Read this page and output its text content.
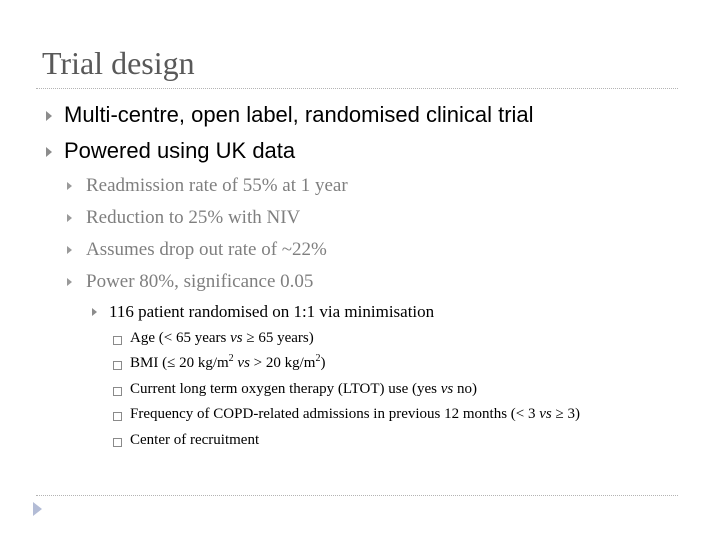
Trial design
Multi-centre, open label, randomised clinical trial
Powered using UK data
Readmission rate of 55% at 1 year
Reduction to 25% with NIV
Assumes drop out rate of ~22%
Power 80%, significance 0.05
116 patient randomised on 1:1 via minimisation
Age (< 65 years vs ≥ 65 years)
BMI (≤ 20 $kg/m^2$ vs > 20 $kg/m^2$)
Current long term oxygen therapy (LTOT) use (yes vs no)
Frequency of COPD-related admissions in previous 12 months (< 3 vs ≥ 3)
Center of recruitment
